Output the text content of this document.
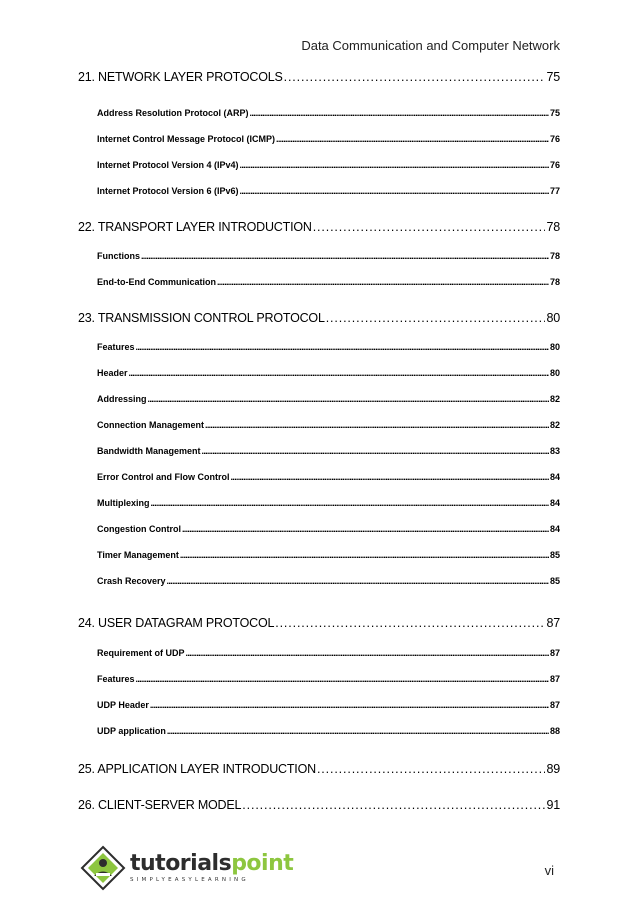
Data Communication and Computer Network
21. NETWORK LAYER PROTOCOLS . . .	75
Address Resolution Protocol (ARP) . . .	75
Internet Control Message Protocol (ICMP) . . .	76
Internet Protocol Version 4 (IPv4) . . .	76
Internet Protocol Version 6 (IPv6) . . .	77
22. TRANSPORT LAYER INTRODUCTION . . .	78
Functions . . .	78
End-to-End Communication . . .	78
23. TRANSMISSION CONTROL PROTOCOL . . .	80
Features . . .	80
Header . . .	80
Addressing . . .	82
Connection Management . . .	82
Bandwidth Management . . .	83
Error Control and Flow Control . . .	84
Multiplexing . . .	84
Congestion Control . . .	84
Timer Management . . .	85
Crash Recovery . . .	85
24. USER DATAGRAM PROTOCOL . . .	87
Requirement of UDP . . .	87
Features . . .	87
UDP Header . . .	87
UDP application . . .	88
25. APPLICATION LAYER INTRODUCTION . . .	89
26. CLIENT-SERVER MODEL . . .	91
tutorialspoint
SIMPLYEASYLEARNING
vi
